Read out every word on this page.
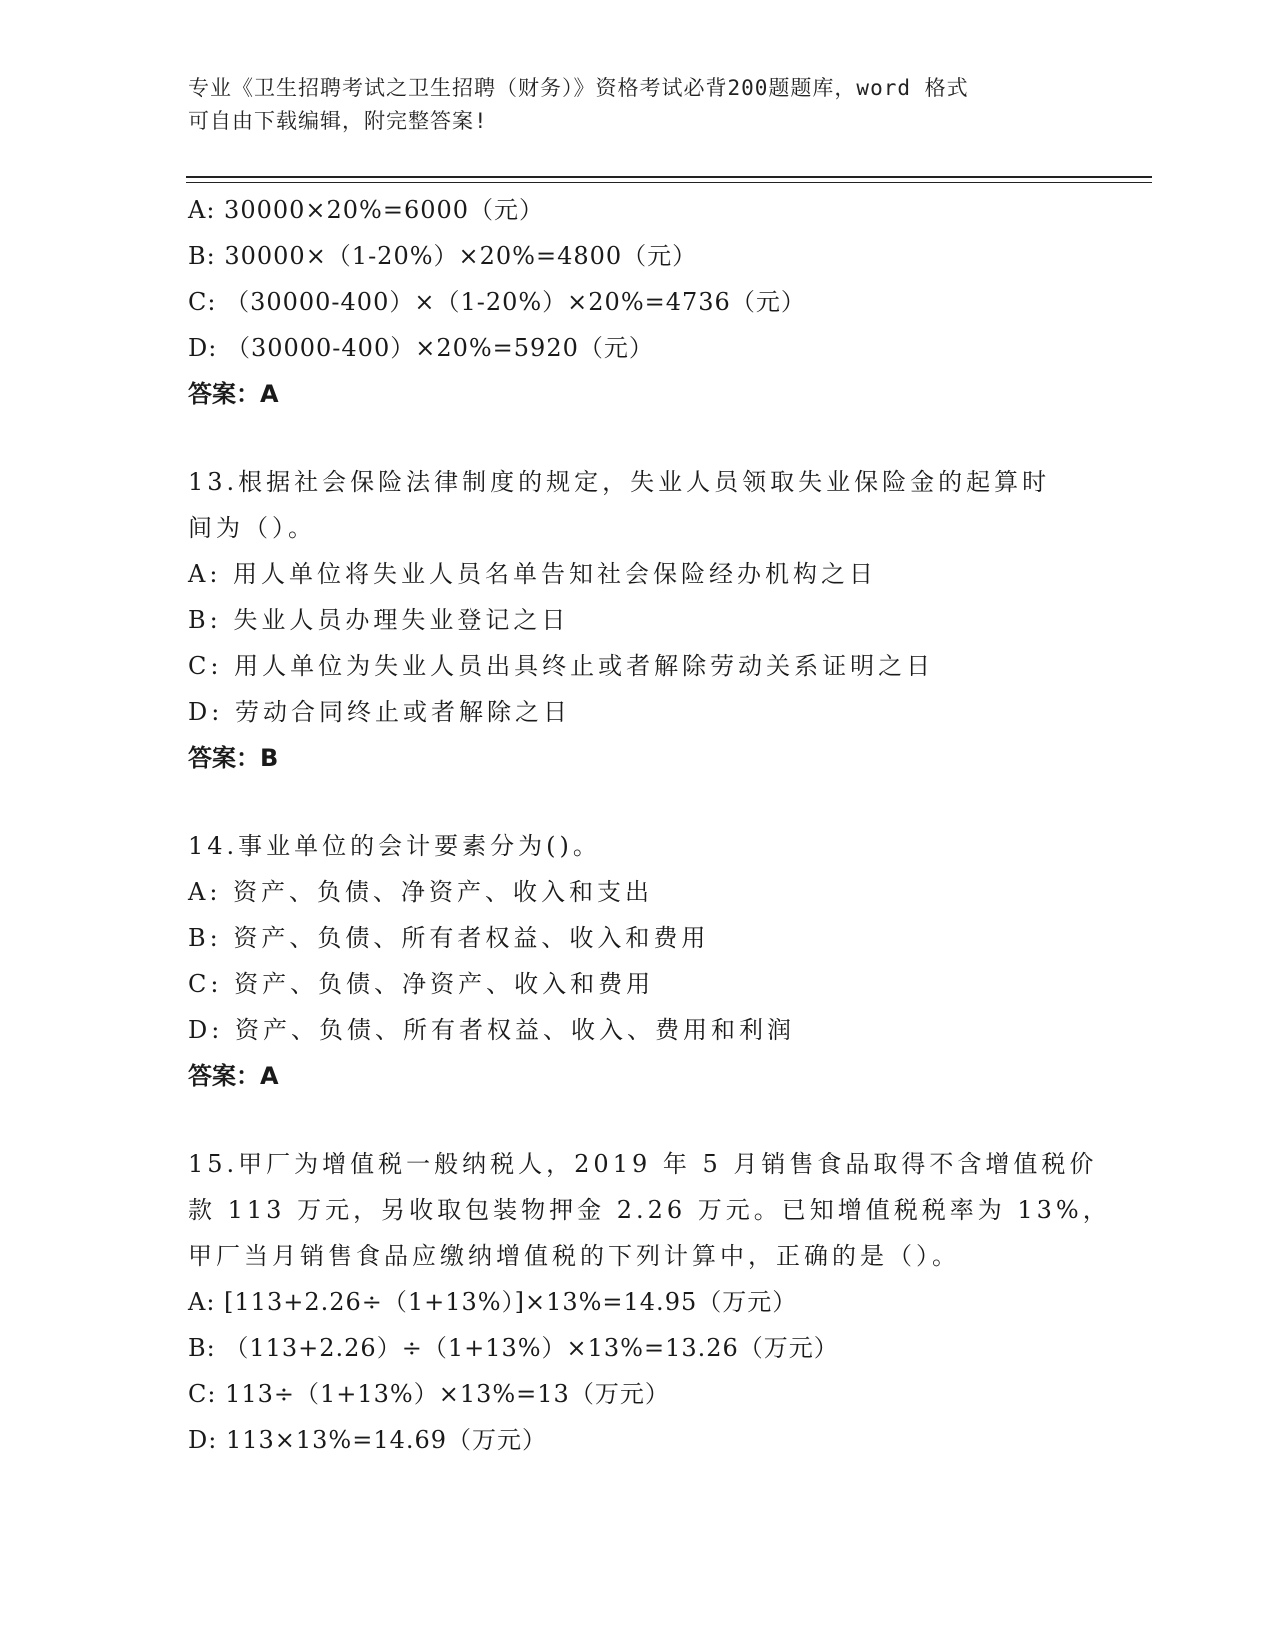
专业《卫生招聘考试之卫生招聘（财务）》资格考试必背200题题库，word 格式
可自由下载编辑，附完整答案!
A: 30000×20%=6000（元）
B: 30000×（1-20%）×20%=4800（元）
C: （30000-400）×（1-20%）×20%=4736（元）
D: （30000-400）×20%=5920（元）
答案：A
13.根据社会保险法律制度的规定，失业人员领取失业保险金的起算时
间为（）。
A: 用人单位将失业人员名单告知社会保险经办机构之日
B: 失业人员办理失业登记之日
C: 用人单位为失业人员出具终止或者解除劳动关系证明之日
D: 劳动合同终止或者解除之日
答案：B
14.事业单位的会计要素分为()。
A: 资产、负债、净资产、收入和支出
B: 资产、负债、所有者权益、收入和费用
C: 资产、负债、净资产、收入和费用
D: 资产、负债、所有者权益、收入、费用和利润
答案：A
15.甲厂为增值税一般纳税人，2019 年 5 月销售食品取得不含增值税价
款 113 万元，另收取包装物押金 2.26 万元。已知增值税税率为 13%，
甲厂当月销售食品应缴纳增值税的下列计算中，正确的是（）。
A: [113+2.26÷（1+13%）]×13%=14.95（万元）
B: （113+2.26）÷（1+13%）×13%=13.26（万元）
C: 113÷（1+13%）×13%=13（万元）
D: 113×13%=14.69（万元）
